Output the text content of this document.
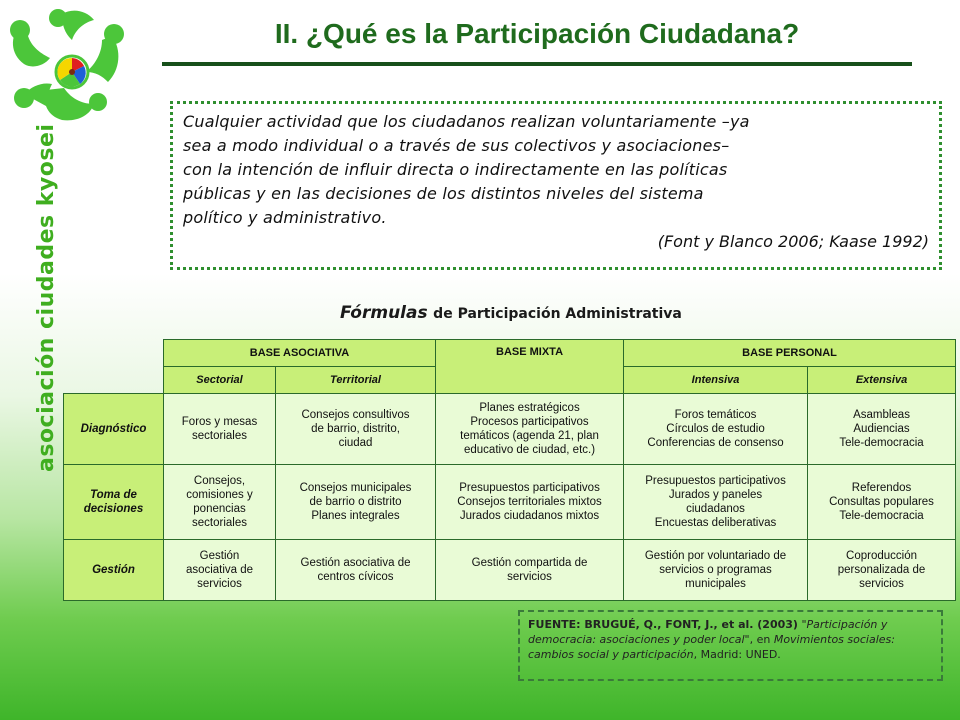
asociación ciudades kyosei
II. ¿Qué es la Participación Ciudadana?

Cualquier actividad que los ciudadanos realizan voluntariamente –ya
sea a modo individual o a través de sus colectivos y asociaciones–
con la intención de influir directa o indirectamente en las políticas
públicas y en las decisiones de los distintos niveles del sistema
político y administrativo.

(Font y Blanco 2006; Kaase 1992)
Fórmulas de Participación Administrativa
	BASE ASOCIATIVA		BASE MIXTA	BASE PERSONAL	
	Sectorial	Territorial		Intensiva	Extensiva
Diagnóstico	Foros y mesas
sectoriales	Consejos consultivos
de barrio, distrito,
ciudad	Planes estratégicos
Procesos participativos
temáticos (agenda 21, plan
educativo de ciudad, etc.)	Foros temáticos
Círculos de estudio
Conferencias de consenso	Asambleas
Audiencias
Tele-democracia

Toma de decisiones	Consejos,
comisiones y
ponencias
sectoriales	Consejos municipales
de barrio o distrito
Planes integrales	Presupuestos participativos
Consejos territoriales mixtos
Jurados ciudadanos mixtos	Presupuestos participativos
Jurados y paneles
ciudadanos
Encuestas deliberativas	Referendos
Consultas populares
Tele-democracia

Gestión	Gestión
asociativa de
servicios	Gestión asociativa de
centros cívicos	Gestión compartida de
servicios	Gestión por voluntariado de
servicios o programas
municipales	Coproducción
personalizada de
servicios
FUENTE: BRUGUÉ, Q., FONT, J., et al. (2003) "Participación y democracia: asociaciones y poder local", en Movimientos sociales: cambios social y participación, Madrid: UNED.
